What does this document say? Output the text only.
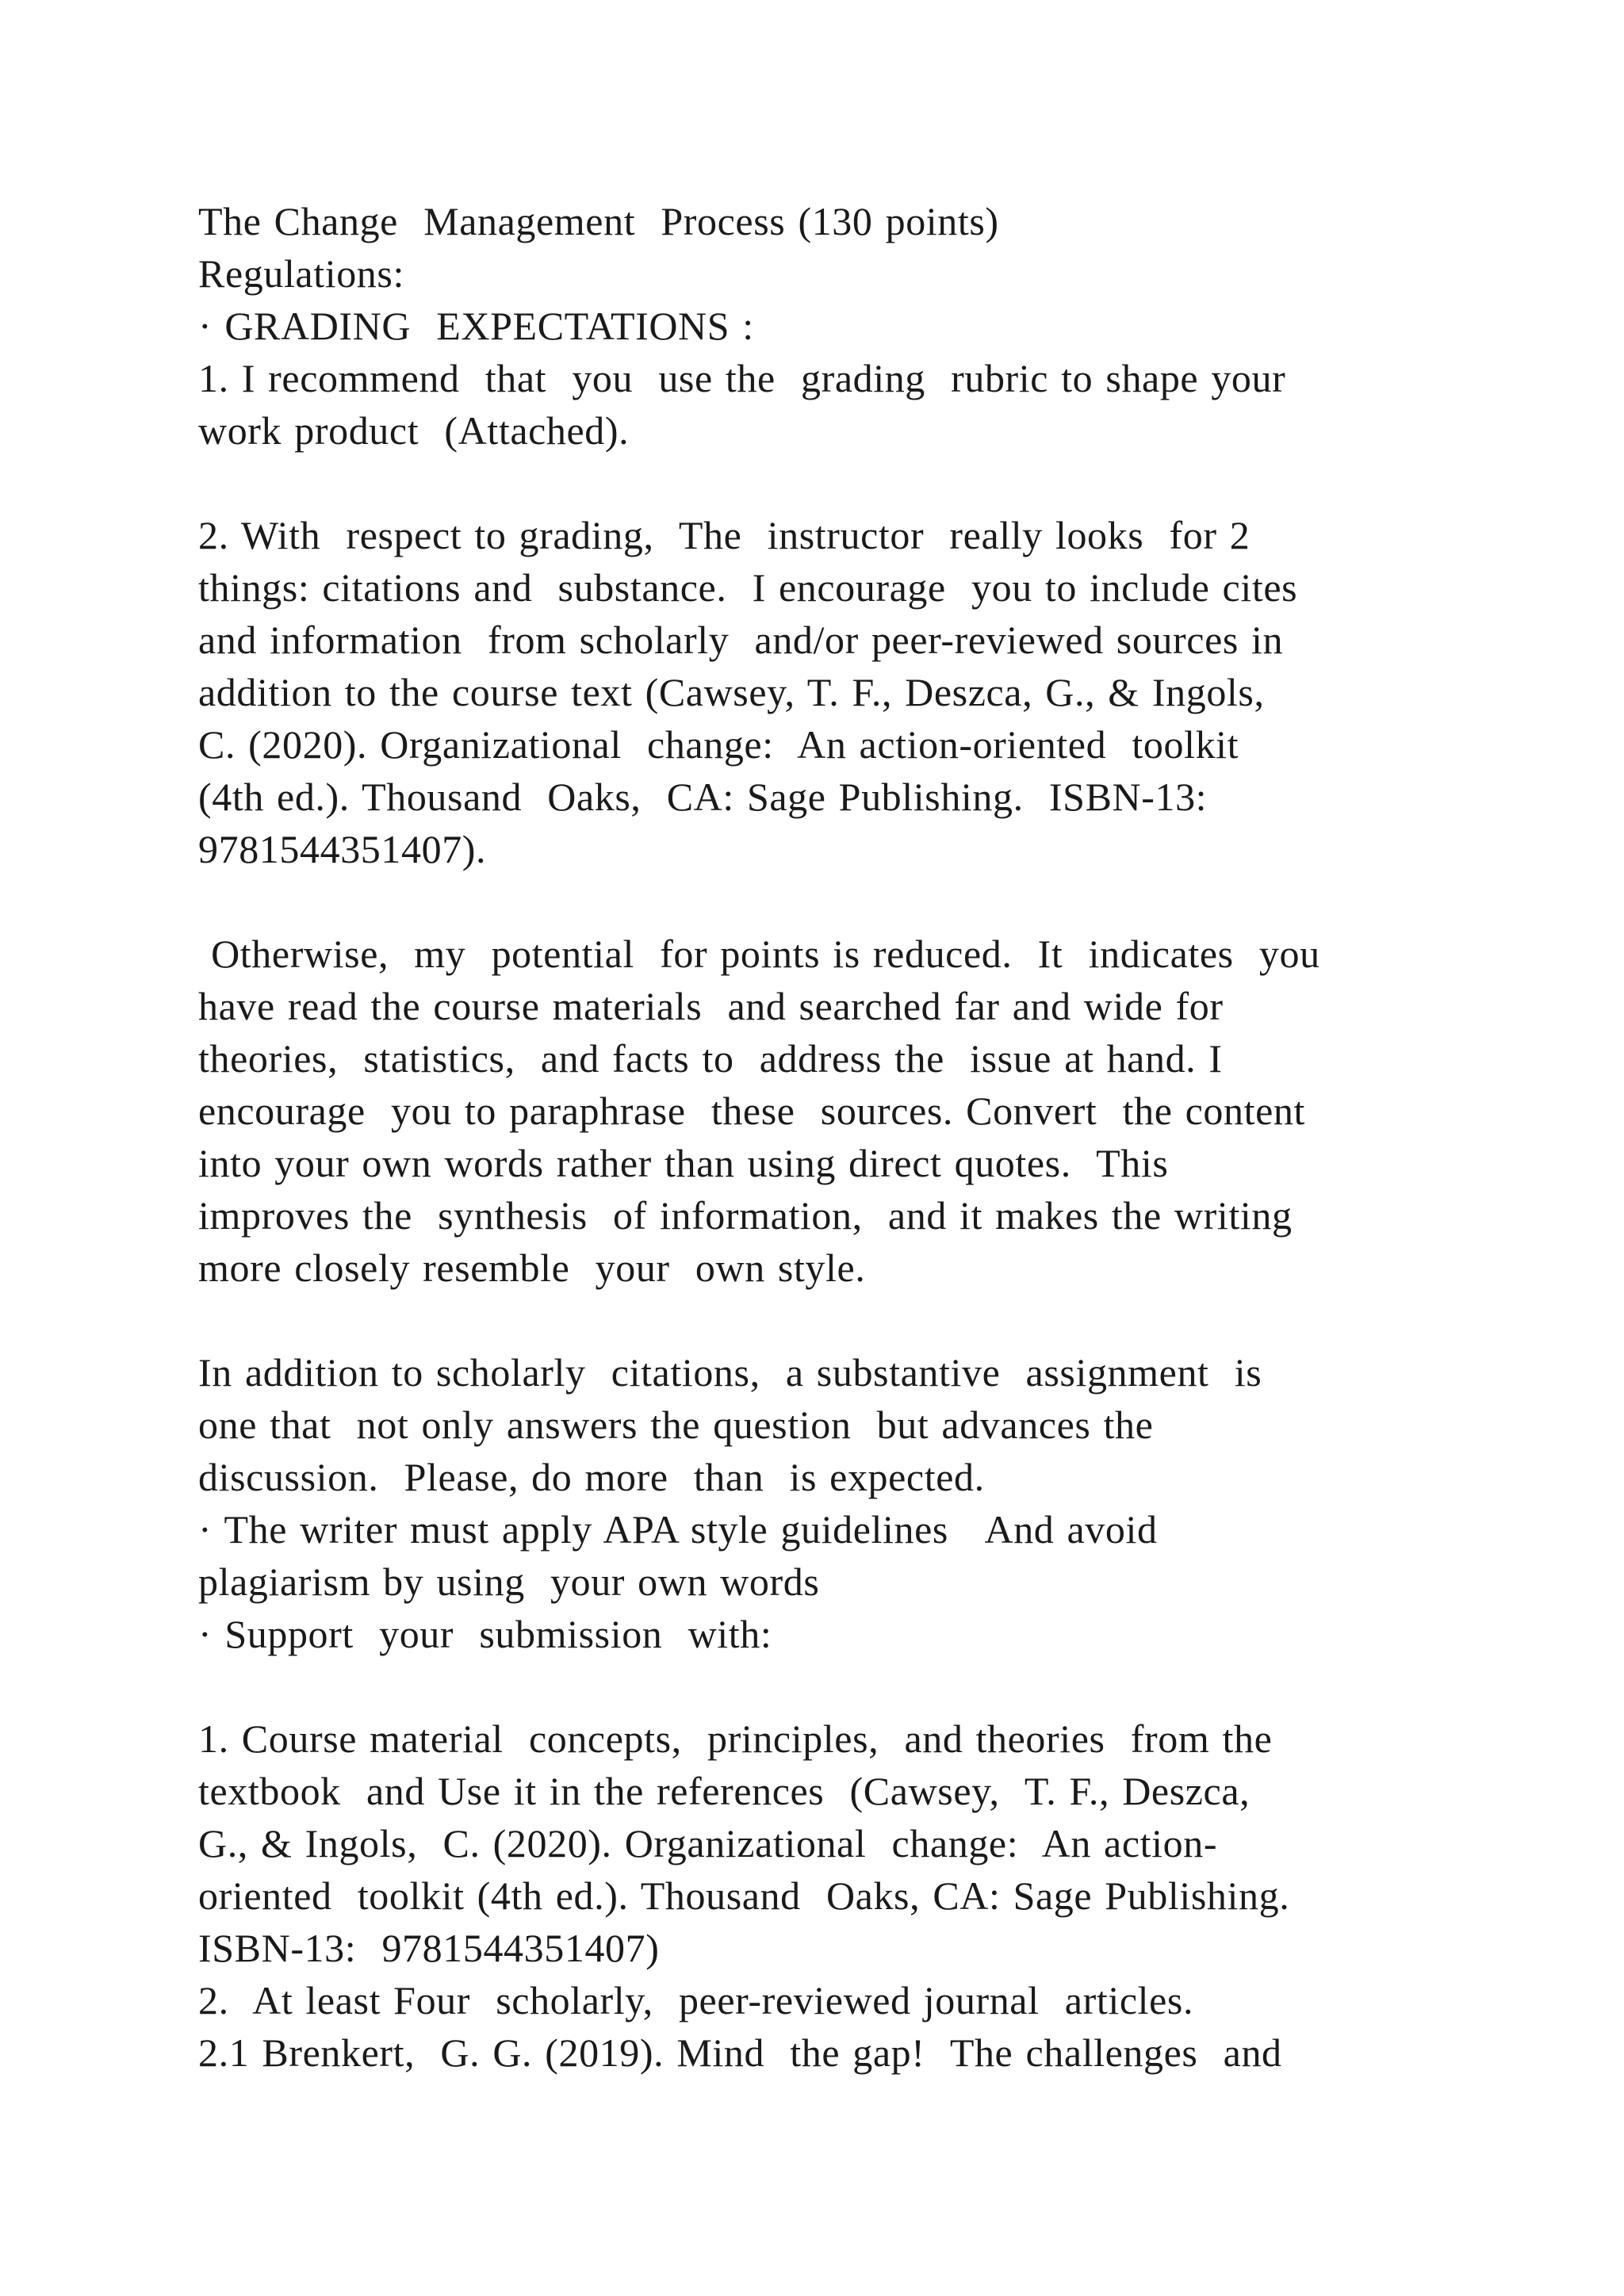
The Change  Management  Process (130 points)
Regulations:
· GRADING  EXPECTATIONS :
1. I recommend  that  you  use the  grading  rubric to shape your
work product  (Attached).
2. With  respect to grading,  The  instructor  really looks  for 2
things: citations and  substance.  I encourage  you to include cites
and information  from scholarly  and/or peer-reviewed sources in
addition to the course text (Cawsey, T. F., Deszca, G., & Ingols,
C. (2020). Organizational  change:  An action-oriented  toolkit
(4th ed.). Thousand  Oaks,  CA: Sage Publishing.  ISBN-13:
9781544351407).
Otherwise,  my  potential  for points is reduced.  It  indicates  you
have read the course materials  and searched far and wide for
theories,  statistics,  and facts to  address the  issue at hand. I
encourage  you to paraphrase  these  sources. Convert  the content
into your own words rather than using direct quotes.  This
improves the  synthesis  of information,  and it makes the writing
more closely resemble  your  own style.
In addition to scholarly  citations,  a substantive  assignment  is
one that  not only answers the question  but advances the
discussion.  Please, do more  than  is expected.
· The writer must apply APA style guidelines   And avoid
plagiarism by using  your own words
· Support  your  submission  with:
1. Course material  concepts,  principles,  and theories  from the
textbook  and Use it in the references  (Cawsey,  T. F., Deszca,
G., & Ingols,  C. (2020). Organizational  change:  An action-
oriented  toolkit (4th ed.). Thousand  Oaks, CA: Sage Publishing.
ISBN-13:  9781544351407)
2.  At least Four  scholarly,  peer-reviewed journal  articles.
2.1 Brenkert,  G. G. (2019). Mind  the gap!  The challenges  and
